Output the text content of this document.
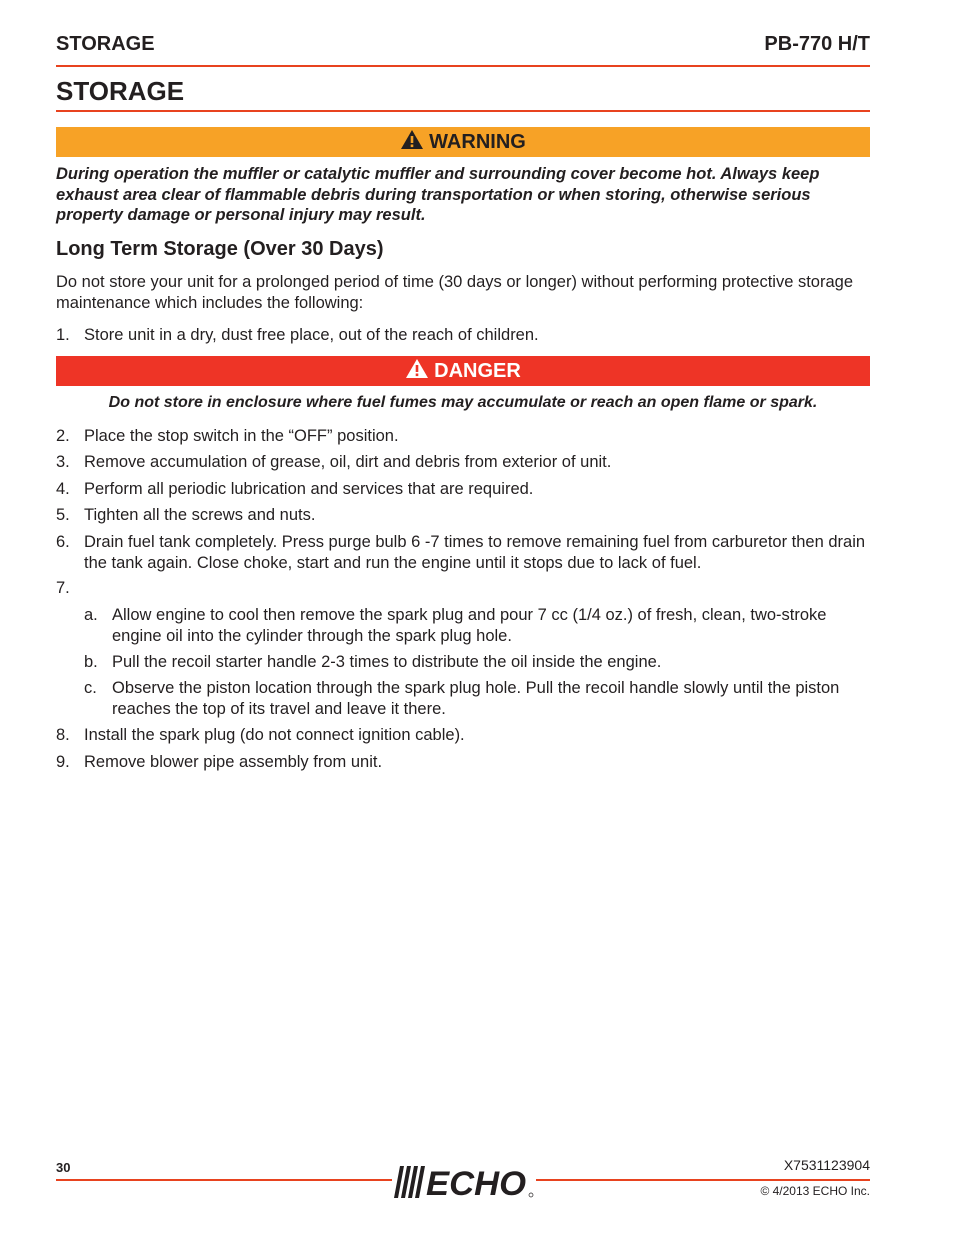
STORAGE	PB-770 H/T
STORAGE
WARNING
During operation the muffler or catalytic muffler and surrounding cover become hot. Always keep exhaust area clear of flammable debris during transportation or when storing, otherwise serious property damage or personal injury may result.
Long Term Storage (Over 30 Days)
Do not store your unit for a prolonged period of time (30 days or longer) without performing protective storage maintenance which includes the following:
1. Store unit in a dry, dust free place, out of the reach of children.
DANGER
Do not store in enclosure where fuel fumes may accumulate or reach an open flame or spark.
2. Place the stop switch in the “OFF” position.
3. Remove accumulation of grease, oil, dirt and debris from exterior of unit.
4. Perform all periodic lubrication and services that are required.
5. Tighten all the screws and nuts.
6. Drain fuel tank completely. Press purge bulb 6 -7 times to remove remaining fuel from carburetor then drain the tank again. Close choke, start and run the engine until it stops due to lack of fuel.
7.
a. Allow engine to cool then remove the spark plug and pour 7 cc (1/4 oz.) of fresh, clean, two-stroke engine oil into the cylinder through the spark plug hole.
b. Pull the recoil starter handle 2-3 times to distribute the oil inside the engine.
c. Observe the piston location through the spark plug hole. Pull the recoil handle slowly until the piston reaches the top of its travel and leave it there.
8. Install the spark plug (do not connect ignition cable).
9. Remove blower pipe assembly from unit.
30	ECHO	X7531123904
© 4/2013 ECHO Inc.
